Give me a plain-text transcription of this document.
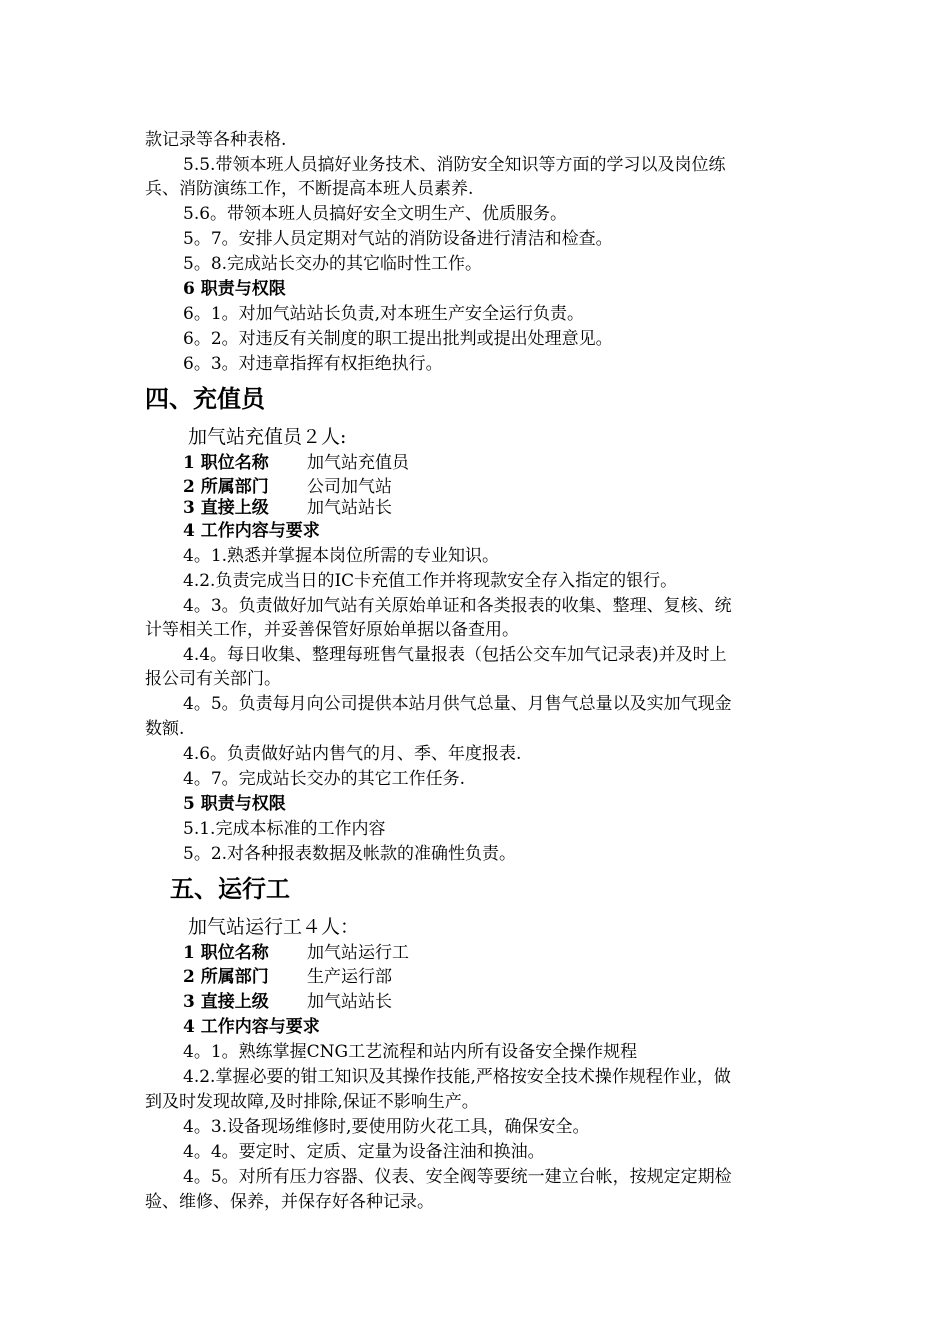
款记录等各种表格.
5.5.带领本班人员搞好业务技术、消防安全知识等方面的学习以及岗位练
兵、消防演练工作，不断提高本班人员素养.
5.6。带领本班人员搞好安全文明生产、优质服务。
5。7。安排人员定期对气站的消防设备进行清洁和检查。
5。8.完成站长交办的其它临时性工作。
6 职责与权限
6。1。对加气站站长负责,对本班生产安全运行负责。
6。2。对违反有关制度的职工提出批判或提出处理意见。
6。3。对违章指挥有权拒绝执行。
四、充值员
加气站充值员２人:
1 职位名称 加气站充值员
2 所属部门 公司加气站
3 直接上级 加气站站长
4 工作内容与要求
4。1.熟悉并掌握本岗位所需的专业知识。
4.2.负责完成当日的IC卡充值工作并将现款安全存入指定的银行。
4。3。负责做好加气站有关原始单证和各类报表的收集、整理、复核、统
计等相关工作，并妥善保管好原始单据以备查用。
4.4。每日收集、整理每班售气量报表（包括公交车加气记录表)并及时上
报公司有关部门。
4。5。负责每月向公司提供本站月供气总量、月售气总量以及实加气现金
数额.
4.6。负责做好站内售气的月、季、年度报表.
4。7。完成站长交办的其它工作任务.
5 职责与权限
5.1.完成本标准的工作内容
5。2.对各种报表数据及帐款的准确性负责。
五、运行工
加气站运行工４人：
1 职位名称 加气站运行工
2 所属部门 生产运行部
3 直接上级 加气站站长
4 工作内容与要求
4。1。熟练掌握CNG工艺流程和站内所有设备安全操作规程
4.2.掌握必要的钳工知识及其操作技能,严格按安全技术操作规程作业，做
到及时发现故障,及时排除,保证不影响生产。
4。3.设备现场维修时,要使用防火花工具，确保安全。
4。4。要定时、定质、定量为设备注油和换油。
4。5。对所有压力容器、仪表、安全阀等要统一建立台帐，按规定定期检
验、维修、保养，并保存好各种记录。
